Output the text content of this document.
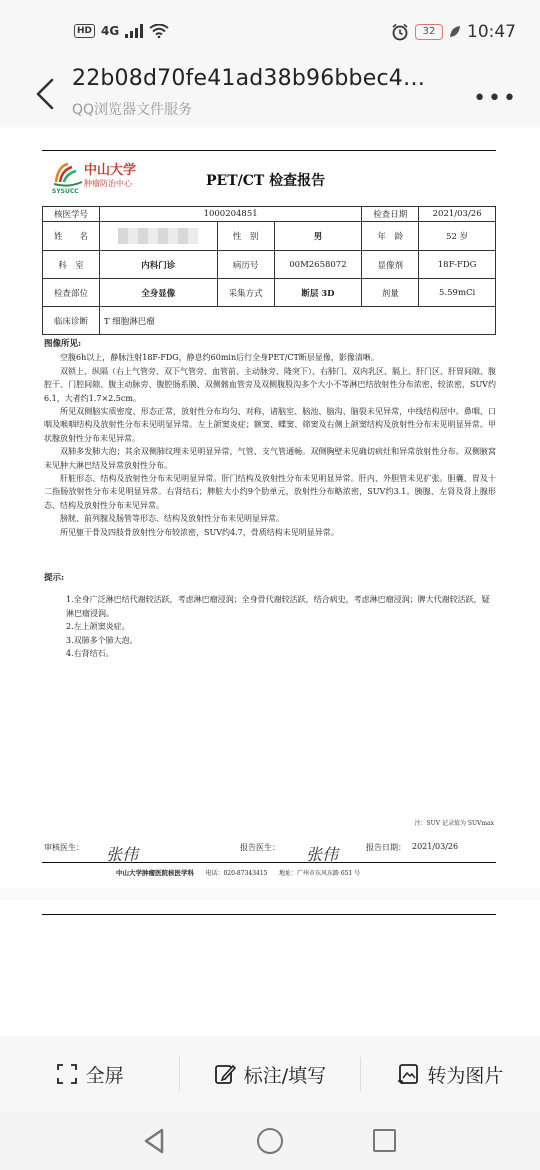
HD 4G	32	10:47
22b08d70fe41ad38b96bbec4…
QQ浏览器文件服务	•••
中山大学
肿瘤防治中心
SYSUCC
PET/CT 检查报告
核医学号	1000204851			检查日期	2021/03/26
姓　　名		性　别	男	年　龄	52 岁
科　室	内科门诊	病历号	00M2658072	显像剂	18F-FDG
检查部位	全身显像	采集方式	断层 3D	剂量	5.59mCi
临床诊断	T 细胞淋巴瘤				
图像所见:

空腹6h以上，静脉注射18F-FDG，静息约60min后行全身PET/CT断层显像，影像清晰。

双锁上、纵隔（右上气管旁、双下气管旁、血管前、主动脉旁、隆突下）、右肺门、双内乳区、膈上、肝门区、肝胃间隙、腹腔干、门腔间隙、腹主动脉旁、腹腔肠系膜、双侧髂血管旁及双侧腹股沟多个大小不等淋巴结放射性分布浓密、较浓密，SUV约6.1，大者约1.7×2.5cm。

所见双侧脑实质密度、形态正常，放射性分布均匀、对称，诸脑室、脑池、脑沟、脑裂未见异常，中线结构居中。鼻咽、口咽及喉咽结构及放射性分布未见明显异常。左上颌窦炎症；额窦、蝶窦、筛窦及右侧上颌窦结构及放射性分布未见明显异常。甲状腺放射性分布未见异常。

双肺多发肺大泡；其余双侧肺纹理未见明显异常，气管、支气管通畅。双侧胸壁未见确切病灶和异常放射性分布。双侧腋窝未见肿大淋巴结及异常放射性分布。

肝脏形态、结构及放射性分布未见明显异常。肝门结构及放射性分布未见明显异常。肝内、外胆管未见扩张。胆囊、胃及十二指肠放射性分布未见明显异常。右肾结石；脾脏大小约9个肋单元，放射性分布略浓密，SUV约3.1。胰腺、左肾及肾上腺形态、结构及放射性分布未见异常。

膀胱、前列腺及肠管等形态、结构及放射性分布未见明显异常。

所见躯干骨及四肢骨放射性分布较浓密，SUV约4.7，骨质结构未见明显异常。

提示:

1.全身广泛淋巴结代谢较活跃，考虑淋巴瘤浸润；全身骨代谢较活跃，结合病史，考虑淋巴瘤浸润；脾大代谢较活跃，疑淋巴瘤浸润。

2.左上颌窦炎症。

3.双肺多个肺大泡。

4.右肾结石。

注：SUV 记录值为 SUVmax
审核医生： 张伟	报告医生： 张伟	报告日期： 2021/03/26
中山大学肿瘤医院核医学科 电话：020-87343415 地址：广州市东风东路 651 号
全屏	标注/填写	转为图片
